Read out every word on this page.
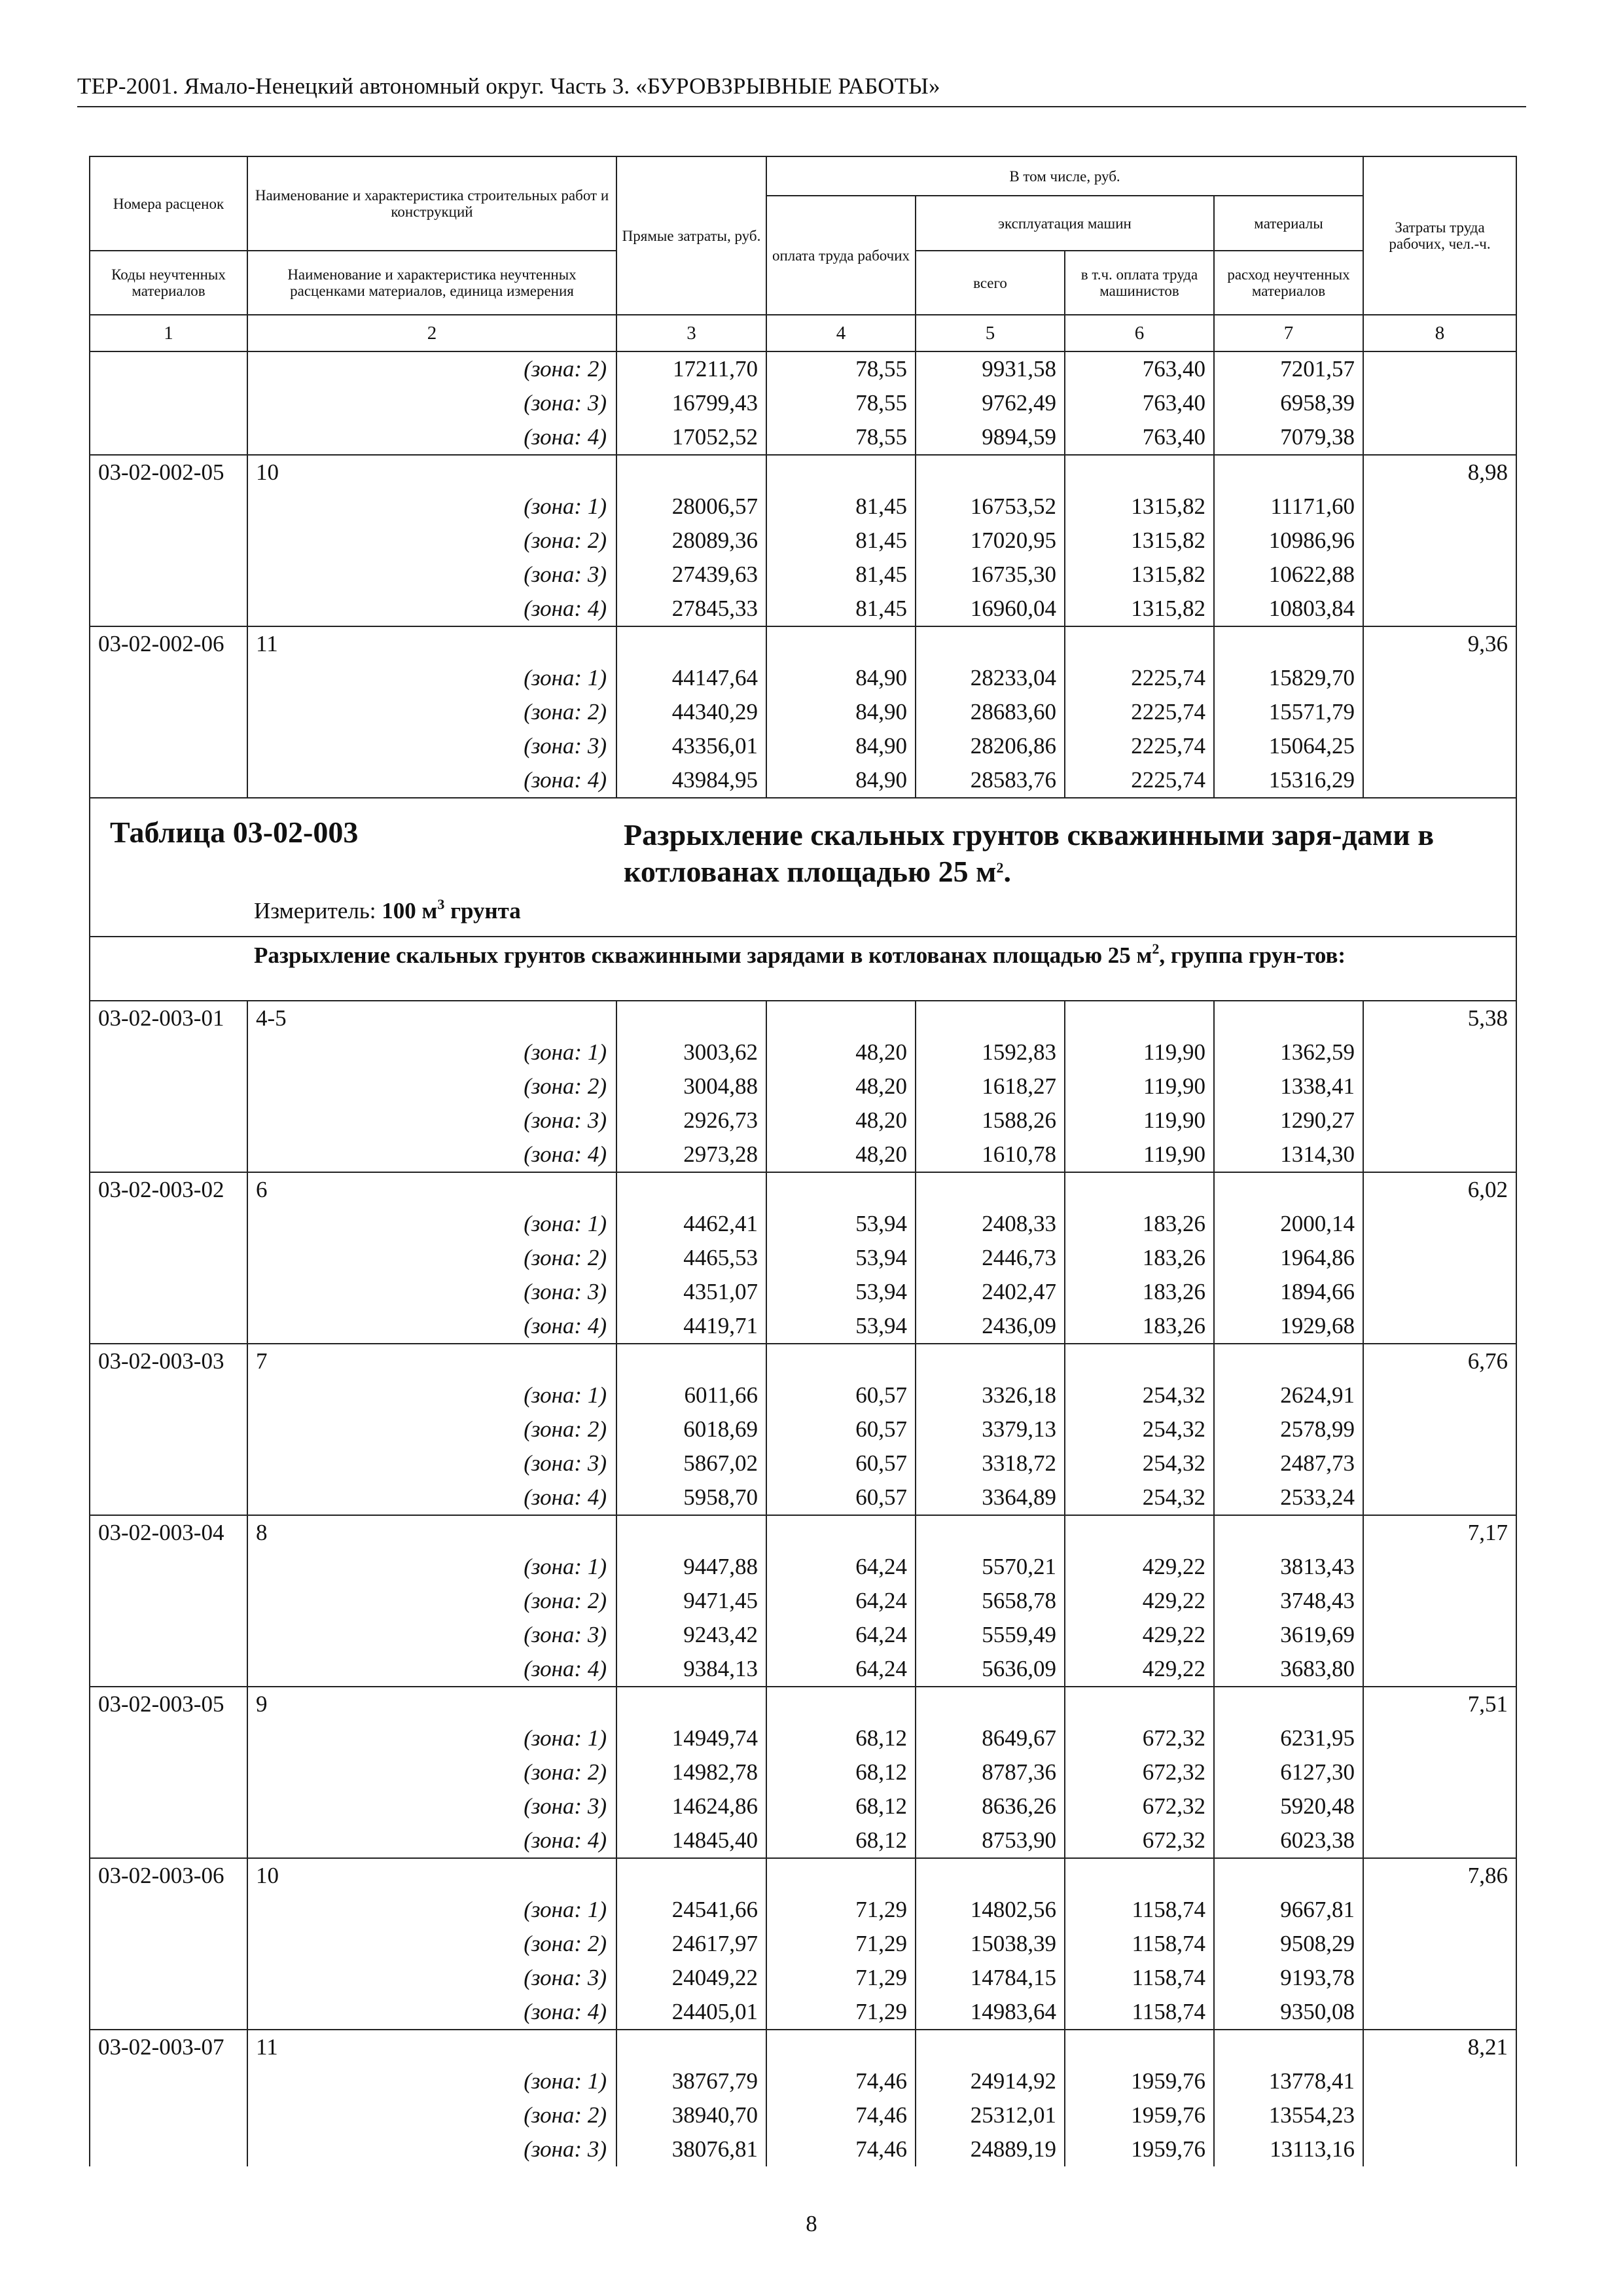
ТЕР-2001. Ямало-Ненецкий автономный округ. Часть 3. «БУРОВЗРЫВНЫЕ РАБОТЫ»
Номера расценок	Наименование и характеристика строительных работ и конструкций	Прямые затраты, руб.	В том числе, руб.				Затраты труда рабочих, чел.-ч.
			оплата труда рабочих	эксплуатация машин		материалы	
Коды неучтенных материалов	Наименование и характеристика неучтенных расценками материалов, единица измерения			всего	в т.ч. оплата труда машинистов	расход неучтенных материалов	
1	2	3	4	5	6	7	8
	(зона: 2)	17211,70	78,55	9931,58	763,40	7201,57	
	(зона: 3)	16799,43	78,55	9762,49	763,40	6958,39	
	(зона: 4)	17052,52	78,55	9894,59	763,40	7079,38	
03-02-002-05	10						8,98
	(зона: 1)	28006,57	81,45	16753,52	1315,82	11171,60	
	(зона: 2)	28089,36	81,45	17020,95	1315,82	10986,96	
	(зона: 3)	27439,63	81,45	16735,30	1315,82	10622,88	
	(зона: 4)	27845,33	81,45	16960,04	1315,82	10803,84	
03-02-002-06	11						9,36
	(зона: 1)	44147,64	84,90	28233,04	2225,74	15829,70	
	(зона: 2)	44340,29	84,90	28683,60	2225,74	15571,79	
	(зона: 3)	43356,01	84,90	28206,86	2225,74	15064,25	
	(зона: 4)	43984,95	84,90	28583,76	2225,74	15316,29	

Таблица 03-02-003 Разрыхление скальных грунтов скважинными заря-дами в котлованах площадью 25 $м^2$.
Измеритель: 100 $м^3$ грунта							

Разрыхление скальных грунтов скважинными зарядами в котлованах площадью 25 $м^2$, группа грун-тов:							

03-02-003-01	4-5						5,38
	(зона: 1)	3003,62	48,20	1592,83	119,90	1362,59	
	(зона: 2)	3004,88	48,20	1618,27	119,90	1338,41	
	(зона: 3)	2926,73	48,20	1588,26	119,90	1290,27	
	(зона: 4)	2973,28	48,20	1610,78	119,90	1314,30	
03-02-003-02	6						6,02
	(зона: 1)	4462,41	53,94	2408,33	183,26	2000,14	
	(зона: 2)	4465,53	53,94	2446,73	183,26	1964,86	
	(зона: 3)	4351,07	53,94	2402,47	183,26	1894,66	
	(зона: 4)	4419,71	53,94	2436,09	183,26	1929,68	
03-02-003-03	7						6,76
	(зона: 1)	6011,66	60,57	3326,18	254,32	2624,91	
	(зона: 2)	6018,69	60,57	3379,13	254,32	2578,99	
	(зона: 3)	5867,02	60,57	3318,72	254,32	2487,73	
	(зона: 4)	5958,70	60,57	3364,89	254,32	2533,24	
03-02-003-04	8						7,17
	(зона: 1)	9447,88	64,24	5570,21	429,22	3813,43	
	(зона: 2)	9471,45	64,24	5658,78	429,22	3748,43	
	(зона: 3)	9243,42	64,24	5559,49	429,22	3619,69	
	(зона: 4)	9384,13	64,24	5636,09	429,22	3683,80	
03-02-003-05	9						7,51
	(зона: 1)	14949,74	68,12	8649,67	672,32	6231,95	
	(зона: 2)	14982,78	68,12	8787,36	672,32	6127,30	
	(зона: 3)	14624,86	68,12	8636,26	672,32	5920,48	
	(зона: 4)	14845,40	68,12	8753,90	672,32	6023,38	
03-02-003-06	10						7,86
	(зона: 1)	24541,66	71,29	14802,56	1158,74	9667,81	
	(зона: 2)	24617,97	71,29	15038,39	1158,74	9508,29	
	(зона: 3)	24049,22	71,29	14784,15	1158,74	9193,78	
	(зона: 4)	24405,01	71,29	14983,64	1158,74	9350,08	
03-02-003-07	11						8,21
	(зона: 1)	38767,79	74,46	24914,92	1959,76	13778,41	
	(зона: 2)	38940,70	74,46	25312,01	1959,76	13554,23	
	(зона: 3)	38076,81	74,46	24889,19	1959,76	13113,16	
8
